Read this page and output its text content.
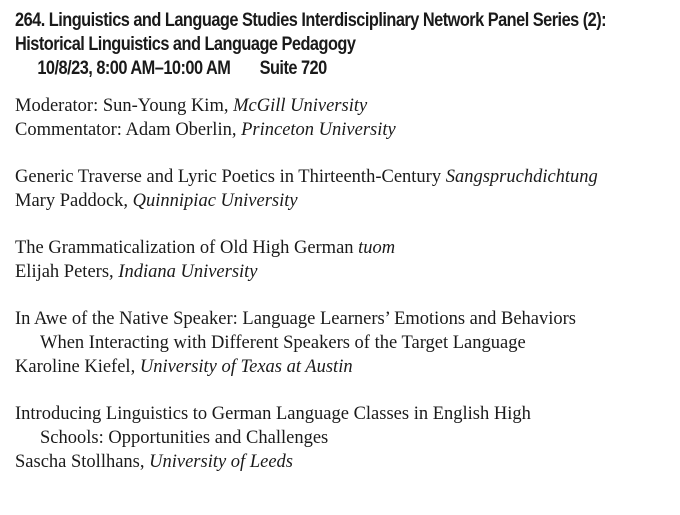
264. Linguistics and Language Studies Interdisciplinary Network Panel Series (2):
Historical Linguistics and Language Pedagogy
10/8/23, 8:00 AM–10:00 AM Suite 720
Moderator: Sun-Young Kim, McGill University
Commentator: Adam Oberlin, Princeton University
Generic Traverse and Lyric Poetics in Thirteenth-Century Sangspruchdichtung
Mary Paddock, Quinnipiac University
The Grammaticalization of Old High German tuom
Elijah Peters, Indiana University
In Awe of the Native Speaker: Language Learners’ Emotions and Behaviors
When Interacting with Different Speakers of the Target Language
Karoline Kiefel, University of Texas at Austin
Introducing Linguistics to German Language Classes in English High
Schools: Opportunities and Challenges
Sascha Stollhans, University of Leeds
